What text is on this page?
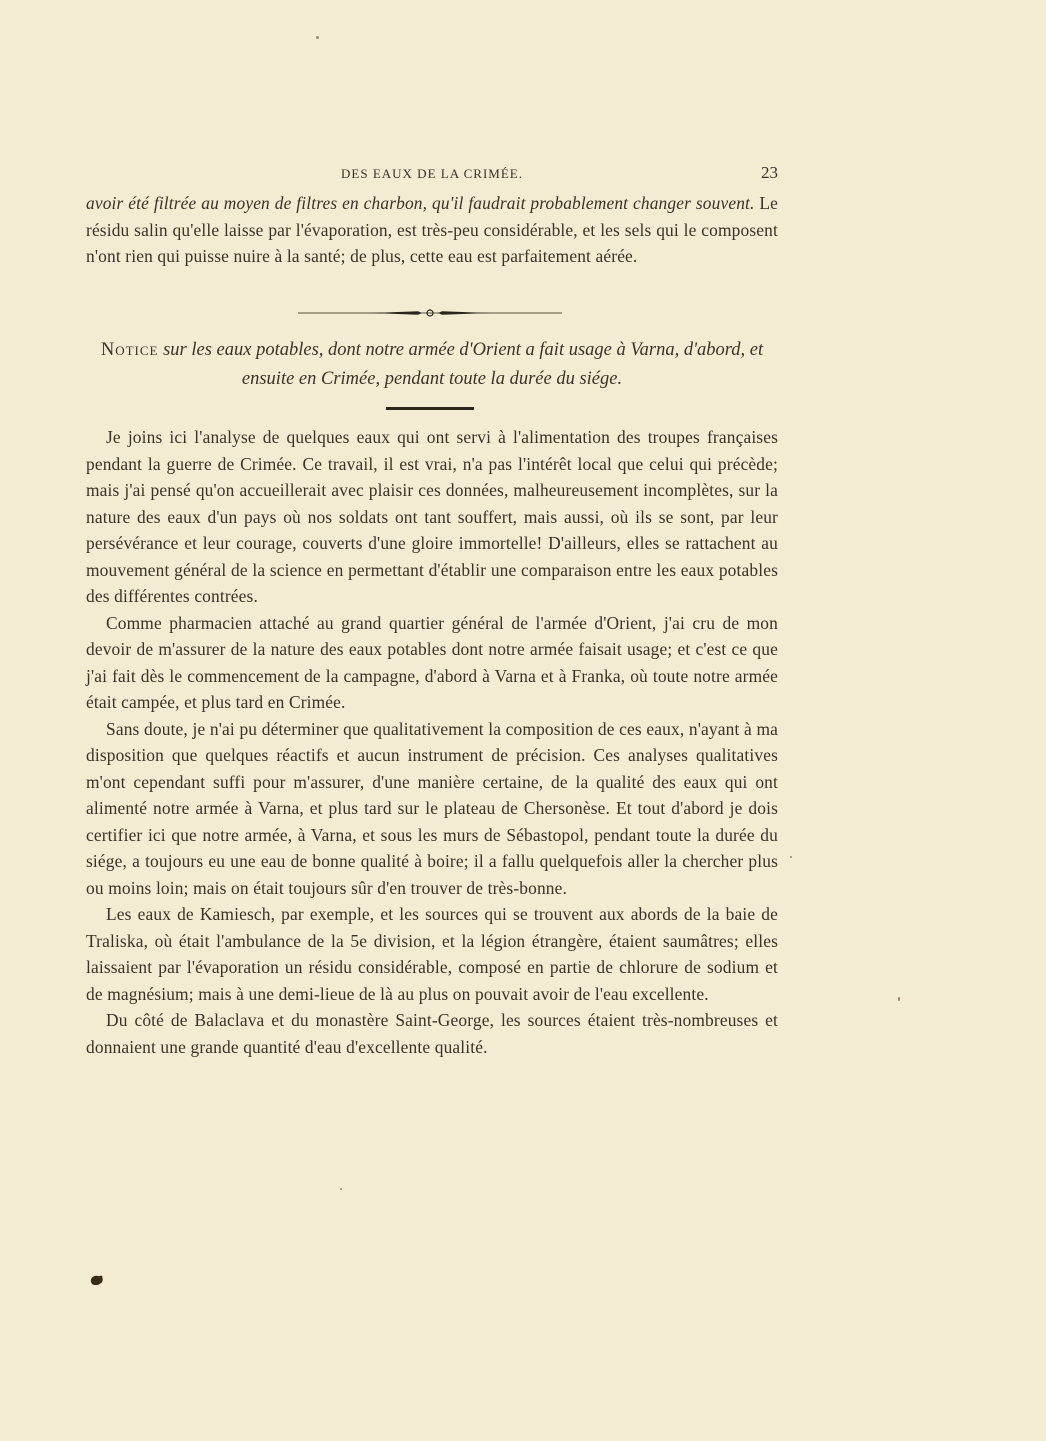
DES EAUX DE LA CRIMÉE.	23

avoir été filtrée au moyen de filtres en charbon, qu'il faudrait probablement changer souvent. Le résidu salin qu'elle laisse par l'évaporation, est très-peu considérable, et les sels qui le composent n'ont rien qui puisse nuire à la santé; de plus, cette eau est parfaitement aérée.

Notice sur les eaux potables, dont notre armée d'Orient a fait usage à Varna, d'abord, et ensuite en Crimée, pendant toute la durée du siége.

Je joins ici l'analyse de quelques eaux qui ont servi à l'alimentation des troupes françaises pendant la guerre de Crimée. Ce travail, il est vrai, n'a pas l'intérêt local que celui qui précède; mais j'ai pensé qu'on accueillerait avec plaisir ces données, malheureusement incomplètes, sur la nature des eaux d'un pays où nos soldats ont tant souffert, mais aussi, où ils se sont, par leur persévérance et leur courage, couverts d'une gloire immortelle! D'ailleurs, elles se rattachent au mouvement général de la science en permettant d'établir une comparaison entre les eaux potables des différentes contrées.

Comme pharmacien attaché au grand quartier général de l'armée d'Orient, j'ai cru de mon devoir de m'assurer de la nature des eaux potables dont notre armée faisait usage; et c'est ce que j'ai fait dès le commencement de la campagne, d'abord à Varna et à Franka, où toute notre armée était campée, et plus tard en Crimée.

Sans doute, je n'ai pu déterminer que qualitativement la composition de ces eaux, n'ayant à ma disposition que quelques réactifs et aucun instrument de précision. Ces analyses qualitatives m'ont cependant suffi pour m'assurer, d'une manière certaine, de la qualité des eaux qui ont alimenté notre armée à Varna, et plus tard sur le plateau de Chersonèse. Et tout d'abord je dois certifier ici que notre armée, à Varna, et sous les murs de Sébastopol, pendant toute la durée du siége, a toujours eu une eau de bonne qualité à boire; il a fallu quelquefois aller la chercher plus ou moins loin; mais on était toujours sûr d'en trouver de très-bonne.

Les eaux de Kamiesch, par exemple, et les sources qui se trouvent aux abords de la baie de Traliska, où était l'ambulance de la 5e division, et la légion étrangère, étaient saumâtres; elles laissaient par l'évaporation un résidu considérable, composé en partie de chlorure de sodium et de magnésium; mais à une demi-lieue de là au plus on pouvait avoir de l'eau excellente.

Du côté de Balaclava et du monastère Saint-George, les sources étaient très-nombreuses et donnaient une grande quantité d'eau d'excellente qualité.
